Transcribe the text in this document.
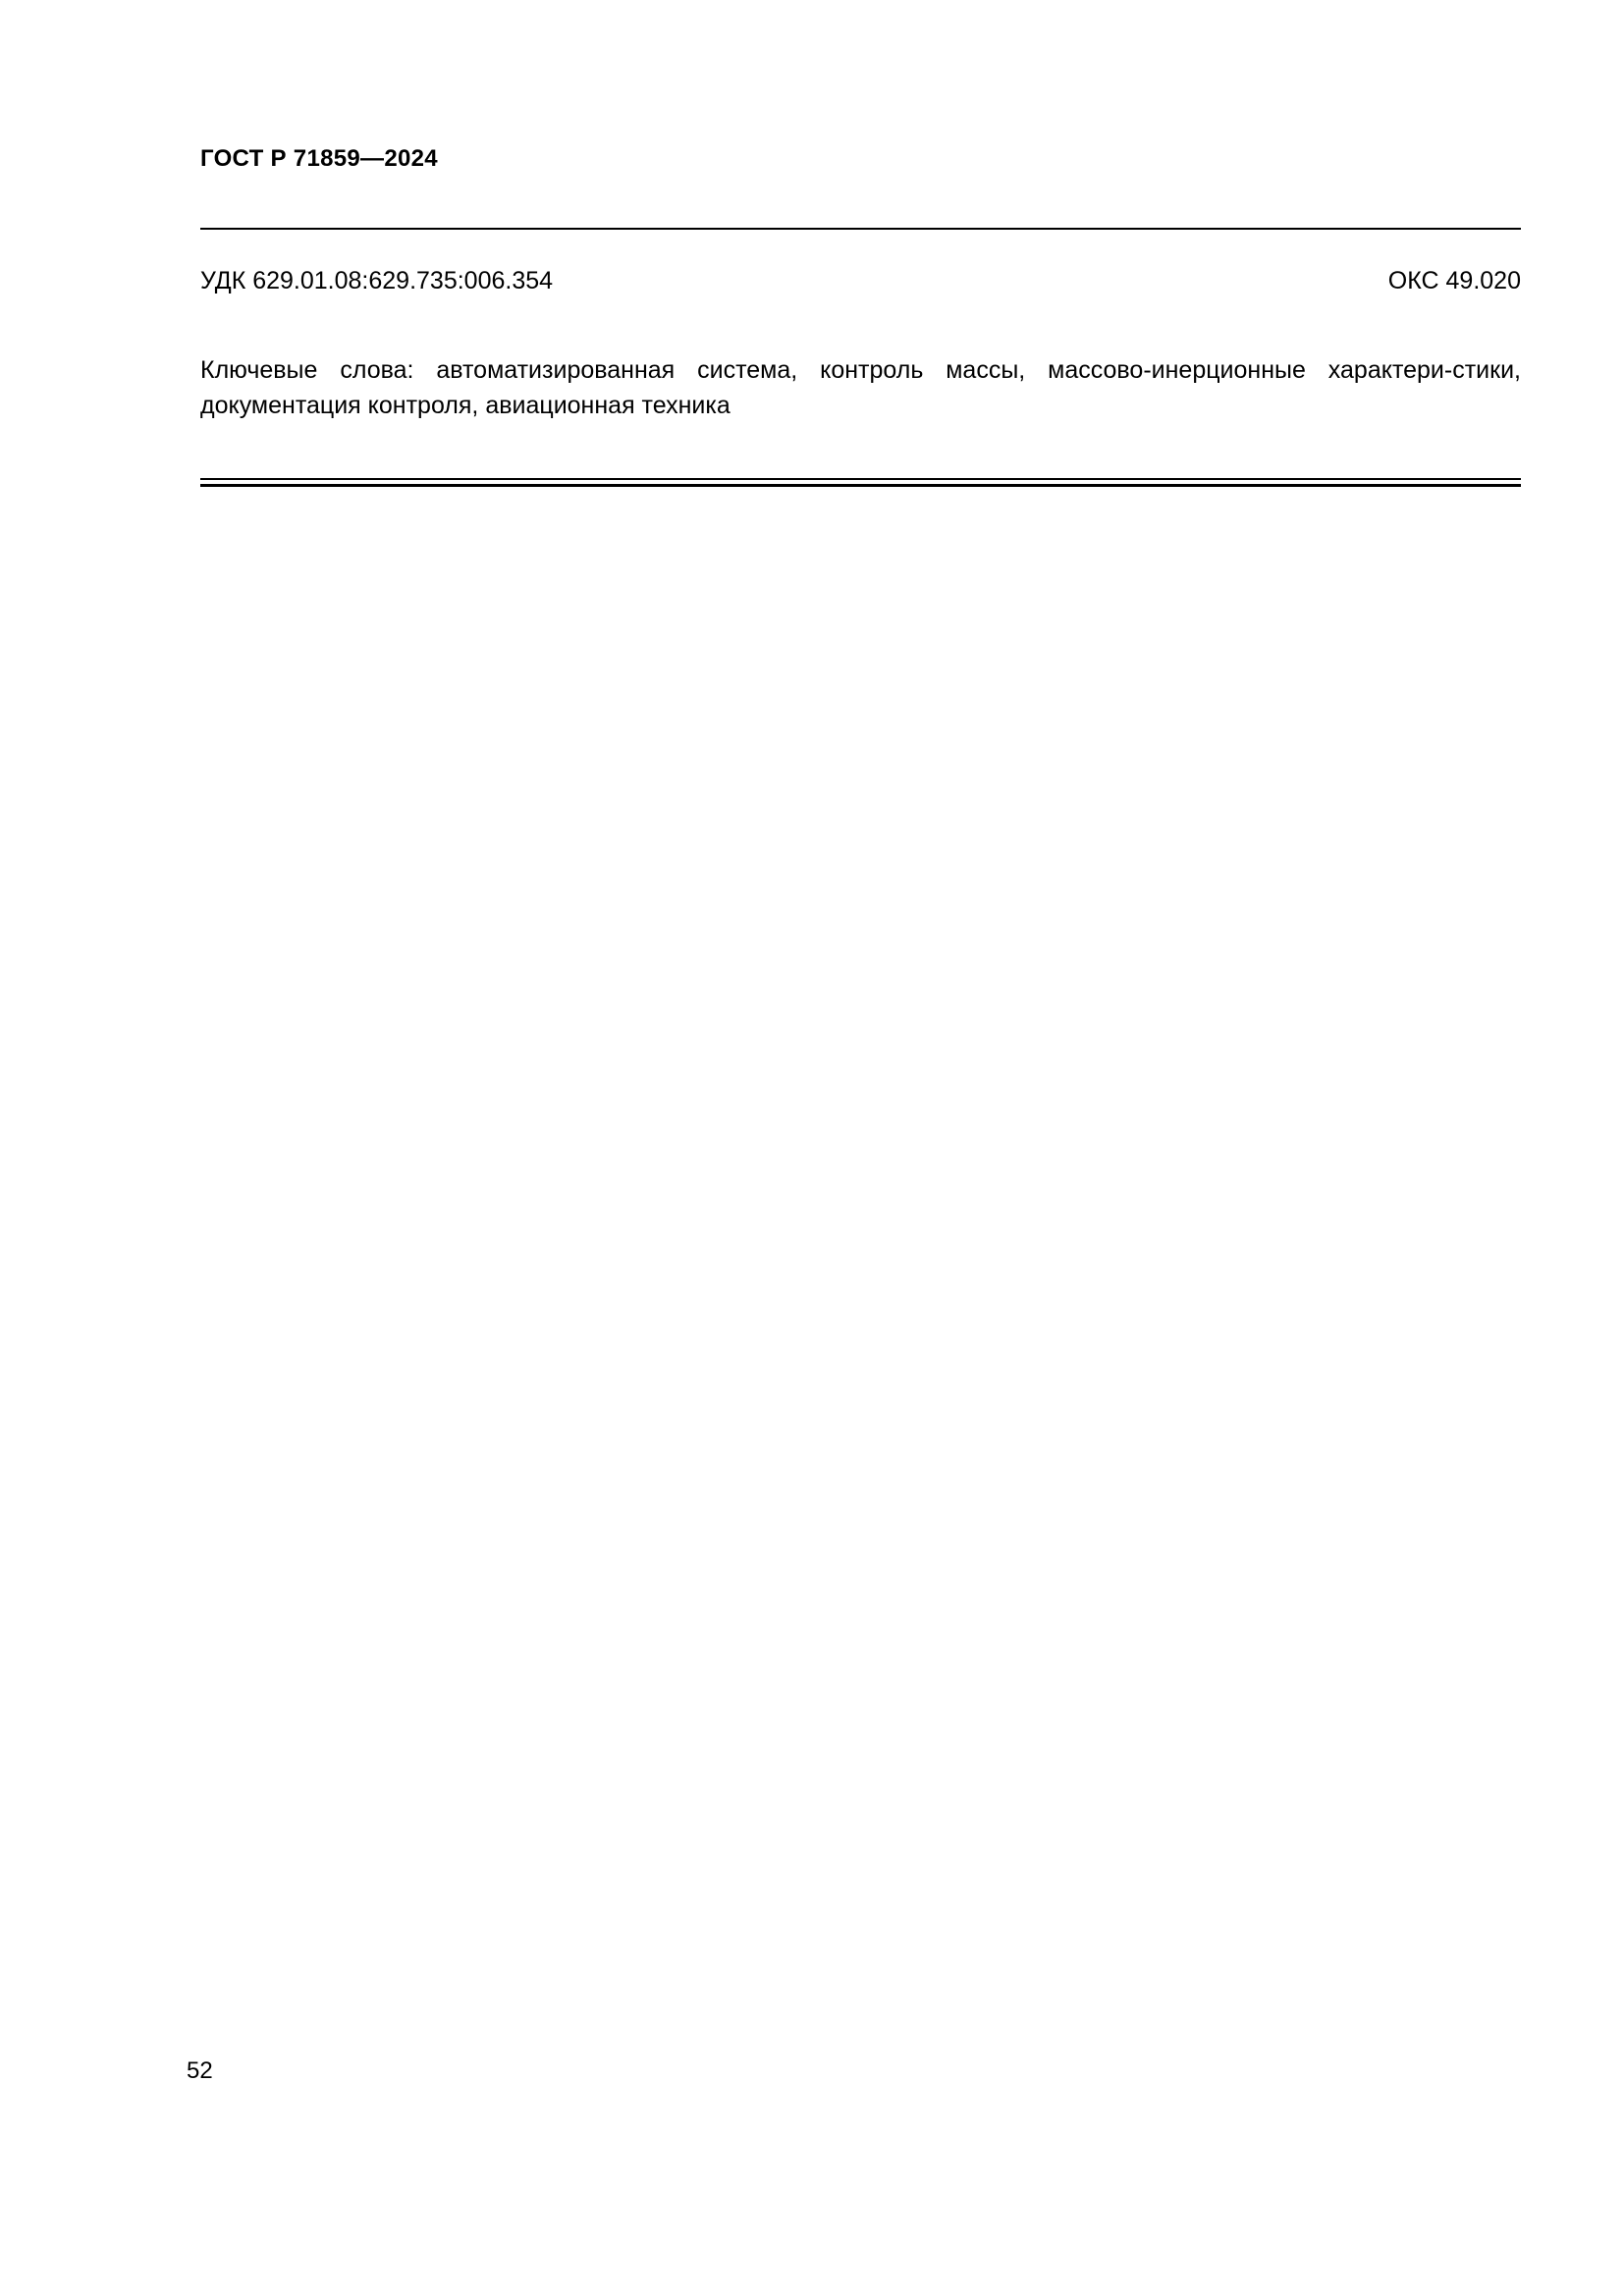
ГОСТ Р 71859—2024
УДК 629.01.08:629.735:006.354	ОКС 49.020
Ключевые слова: автоматизированная система, контроль массы, массово-инерционные характери-стики, документация контроля, авиационная техника
52
